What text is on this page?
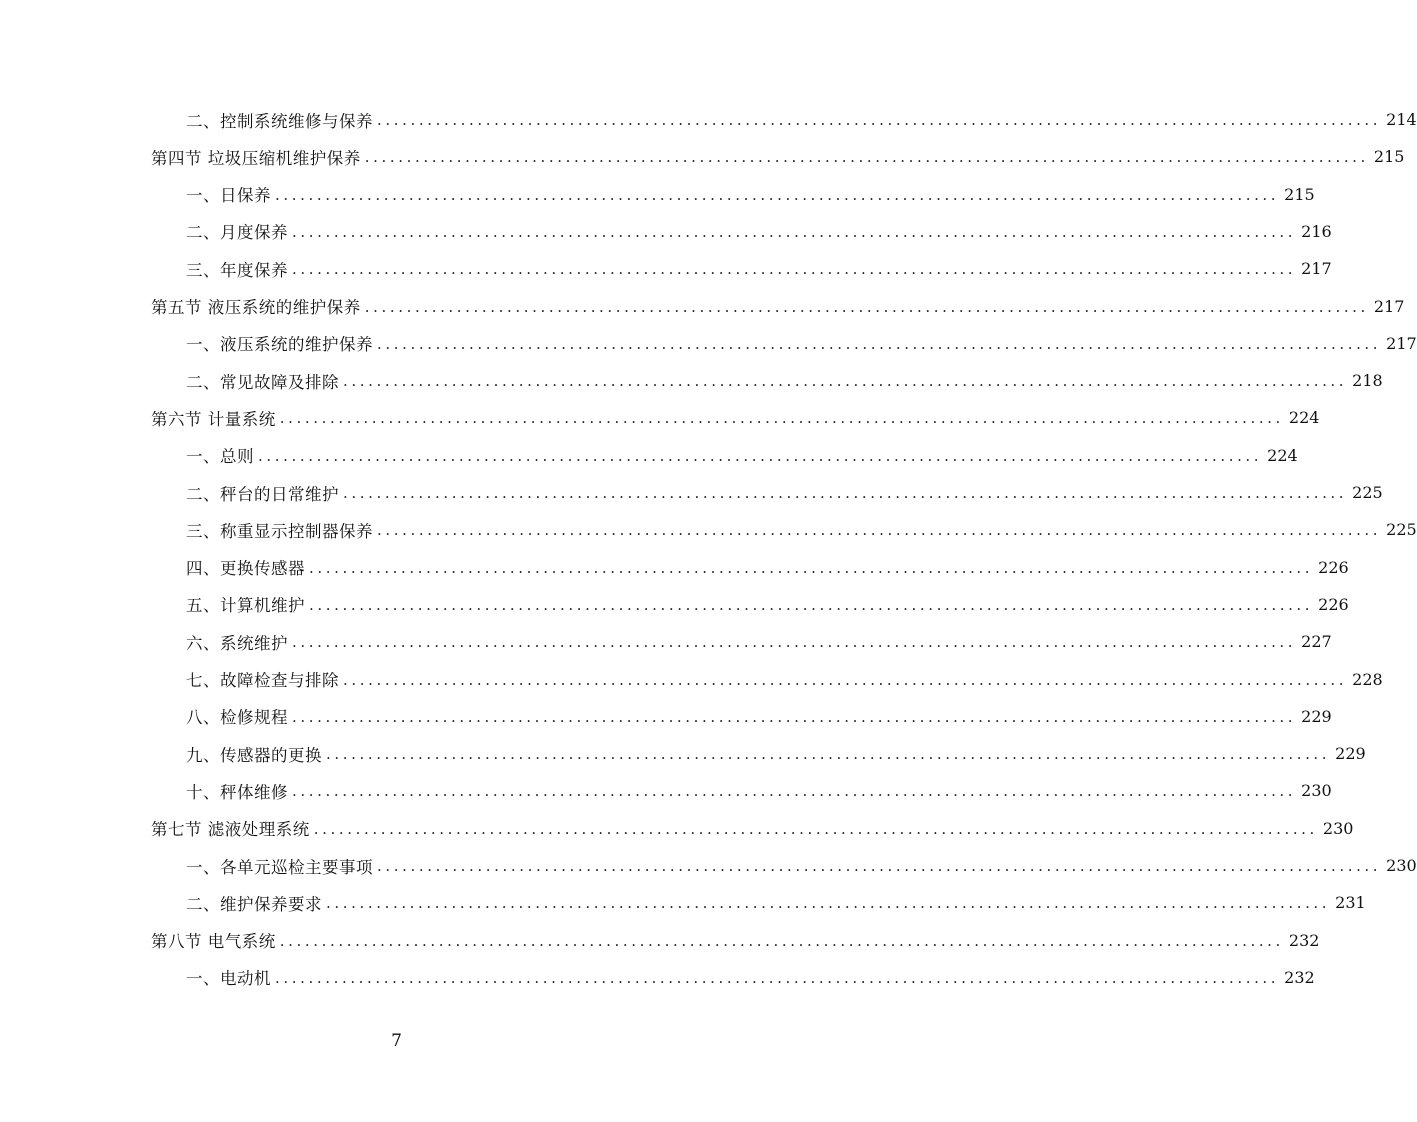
二、控制系统维修与保养 ........................................................................................................................ 214
第四节 垃圾压缩机维护保养 ........................................................................................................................ 215
一、日保养 ........................................................................................................................ 215
二、月度保养 ........................................................................................................................ 216
三、年度保养 ........................................................................................................................ 217
第五节 液压系统的维护保养 ........................................................................................................................ 217
一、液压系统的维护保养 ........................................................................................................................ 217
二、常见故障及排除 ........................................................................................................................ 218
第六节 计量系统 ........................................................................................................................ 224
一、总则 ........................................................................................................................ 224
二、秤台的日常维护 ........................................................................................................................ 225
三、称重显示控制器保养 ........................................................................................................................ 225
四、更换传感器 ........................................................................................................................ 226
五、计算机维护 ........................................................................................................................ 226
六、系统维护 ........................................................................................................................ 227
七、故障检查与排除 ........................................................................................................................ 228
八、检修规程 ........................................................................................................................ 229
九、传感器的更换 ........................................................................................................................ 229
十、秤体维修 ........................................................................................................................ 230
第七节 滤液处理系统 ........................................................................................................................ 230
一、各单元巡检主要事项 ........................................................................................................................ 230
二、维护保养要求 ........................................................................................................................ 231
第八节 电气系统 ........................................................................................................................ 232
一、电动机 ........................................................................................................................ 232
7
